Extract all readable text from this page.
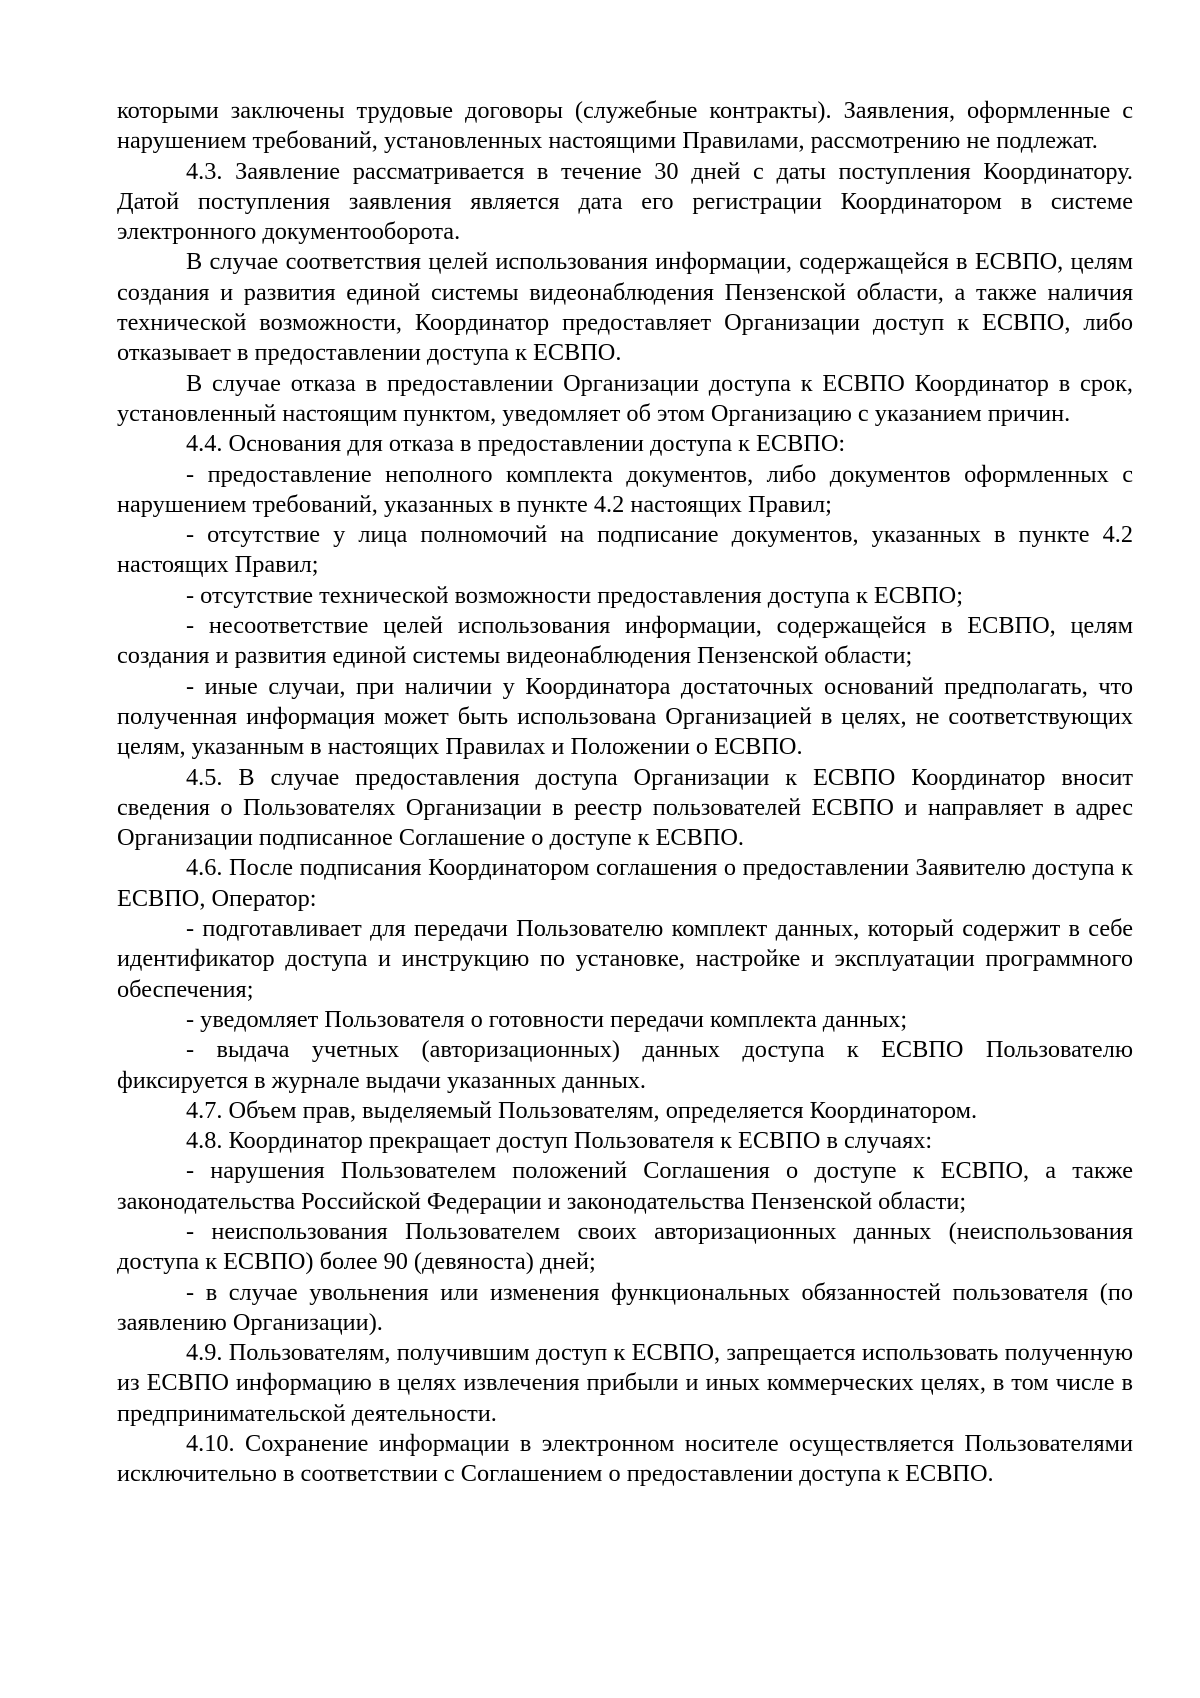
которыми заключены трудовые договоры (служебные контракты). Заявления, оформленные с нарушением требований, установленных настоящими Правилами, рассмотрению не подлежат.

4.3. Заявление рассматривается в течение 30 дней с даты поступления Координатору. Датой поступления заявления является дата его регистрации Координатором в системе электронного документооборота.

В случае соответствия целей использования информации, содержащейся в ЕСВПО, целям создания и развития единой системы видеонаблюдения Пензенской области, а также наличия технической возможности, Координатор предоставляет Организации доступ к ЕСВПО, либо отказывает в предоставлении доступа к ЕСВПО.

В случае отказа в предоставлении Организации доступа к ЕСВПО Координатор в срок, установленный настоящим пунктом, уведомляет об этом Организацию с указанием причин.

4.4. Основания для отказа в предоставлении доступа к ЕСВПО:

- предоставление неполного комплекта документов, либо документов оформленных с нарушением требований, указанных в пункте 4.2 настоящих Правил;

- отсутствие у лица полномочий на подписание документов, указанных в пункте 4.2 настоящих Правил;

- отсутствие технической возможности предоставления доступа к ЕСВПО;

- несоответствие целей использования информации, содержащейся в ЕСВПО, целям создания и развития единой системы видеонаблюдения Пензенской области;

- иные случаи, при наличии у Координатора достаточных оснований предполагать, что полученная информация может быть использована Организацией в целях, не соответствующих целям, указанным в настоящих Правилах и Положении о ЕСВПО.

4.5. В случае предоставления доступа Организации к ЕСВПО Координатор вносит сведения о Пользователях Организации в реестр пользователей ЕСВПО и направляет в адрес Организации подписанное Соглашение о доступе к ЕСВПО.

4.6. После подписания Координатором соглашения о предоставлении Заявителю доступа к ЕСВПО, Оператор:

- подготавливает для передачи Пользователю комплект данных, который содержит в себе идентификатор доступа и инструкцию по установке, настройке и эксплуатации программного обеспечения;

- уведомляет Пользователя о готовности передачи комплекта данных;

- выдача учетных (авторизационных) данных доступа к ЕСВПО Пользователю фиксируется в журнале выдачи указанных данных.

4.7. Объем прав, выделяемый Пользователям, определяется Координатором.

4.8. Координатор прекращает доступ Пользователя к ЕСВПО в случаях:

- нарушения Пользователем положений Соглашения о доступе к ЕСВПО, а также законодательства Российской Федерации и законодательства Пензенской области;

- неиспользования Пользователем своих авторизационных данных (неиспользования доступа к ЕСВПО) более 90 (девяноста) дней;

- в случае увольнения или изменения функциональных обязанностей пользователя (по заявлению Организации).

4.9. Пользователям, получившим доступ к ЕСВПО, запрещается использовать полученную из ЕСВПО информацию в целях извлечения прибыли и иных коммерческих целях, в том числе в предпринимательской деятельности.

4.10. Сохранение информации в электронном носителе осуществляется Пользователями исключительно в соответствии с Соглашением о предоставлении доступа к ЕСВПО.
